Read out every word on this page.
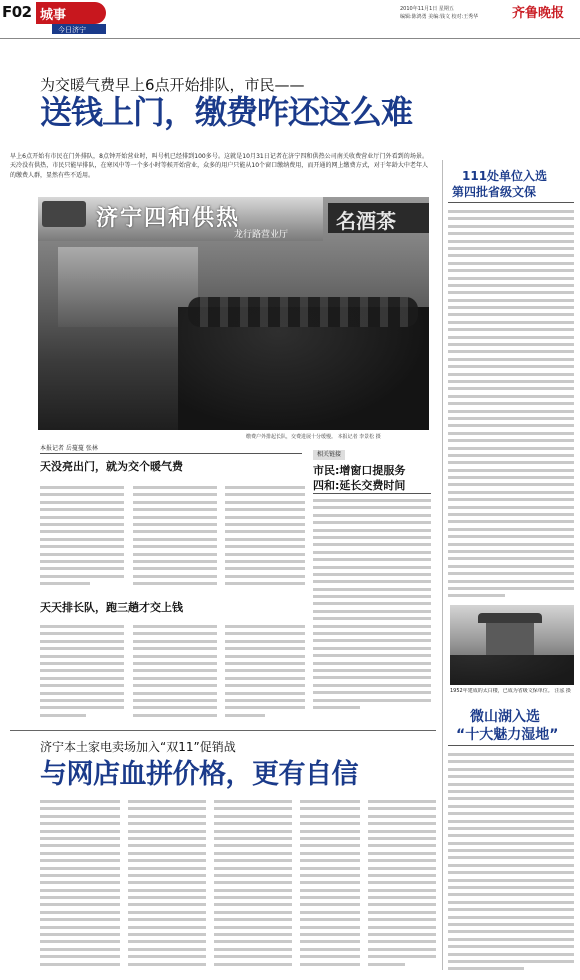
F02 城事
今日济宁
2010年11月1日 星期五
编辑:陈鸿勇 美编:钱文 校对:王秀华	齐鲁晚报
为交暖气费早上6点开始排队，市民——
送钱上门，缴费咋还这么难
早上6点开始有市民在门外排队，8点钟开始营业时，叫号机已经排到100多号。这就是10月31日记者在济宁四和供热公司南关收费营业厅门外看到的场景。天冷没有供热，市民只能早排队，在寒风中等一个多小时等候开始营业，众多的用户只能从10个窗口缴纳费用，而开通的网上缴费方式，对于年龄大中老年人的缴费人群，显然有些不适用。
济宁四和供热
龙行路营业厅
名酒茶
缴费户外排起长队，交费进展十分缓慢。 本报记者 李景松 摄
本报记者 岳蔓蔓 张林
天没亮出门，就为交个暖气费
天天排长队，跑三趟才交上钱
相关链接
市民:增窗口提服务
四和:延长交费时间
111处单位入选
第四批省级文保
1952年建成的太白楼，已成为省级文保单位。 汪泓 摄
微山湖入选
“十大魅力湿地”
济宁本土家电卖场加入“双11”促销战
与网店血拼价格，更有自信
